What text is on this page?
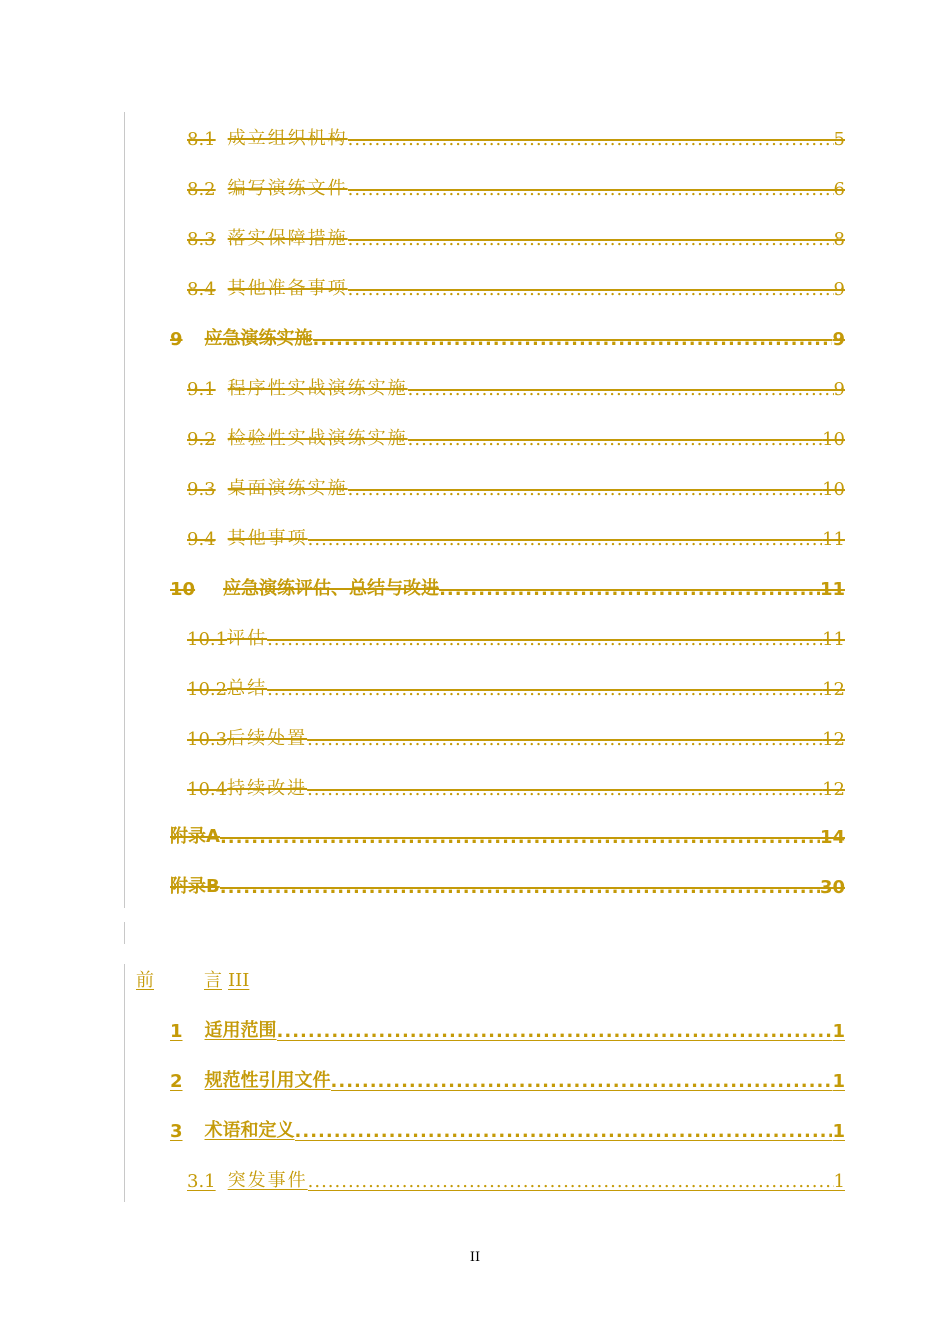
8.1 成立组织机构 .....	5
8.2 编写演练文件 .....	6
8.3 落实保障措施 .....	8
8.4 其他准备事项 .....	9
9 应急演练实施 .....	9
9.1 程序性实战演练实施 .....	9
9.2 检验性实战演练实施 .....	10
9.3 桌面演练实施 .....	10
9.4 其他事项 .....	11
10 应急演练评估、总结与改进 .....	11
10.1 评估 .....	11
10.2 总结 .....	12
10.3 后续处置 .....	12
10.4 持续改进 .....	12
附录A .....	14
附录B .....	30
前	言 III
1 适用范围 .....	1
2 规范性引用文件 .....	1
3 术语和定义 .....	1
3.1 突发事件 .....	1
II
